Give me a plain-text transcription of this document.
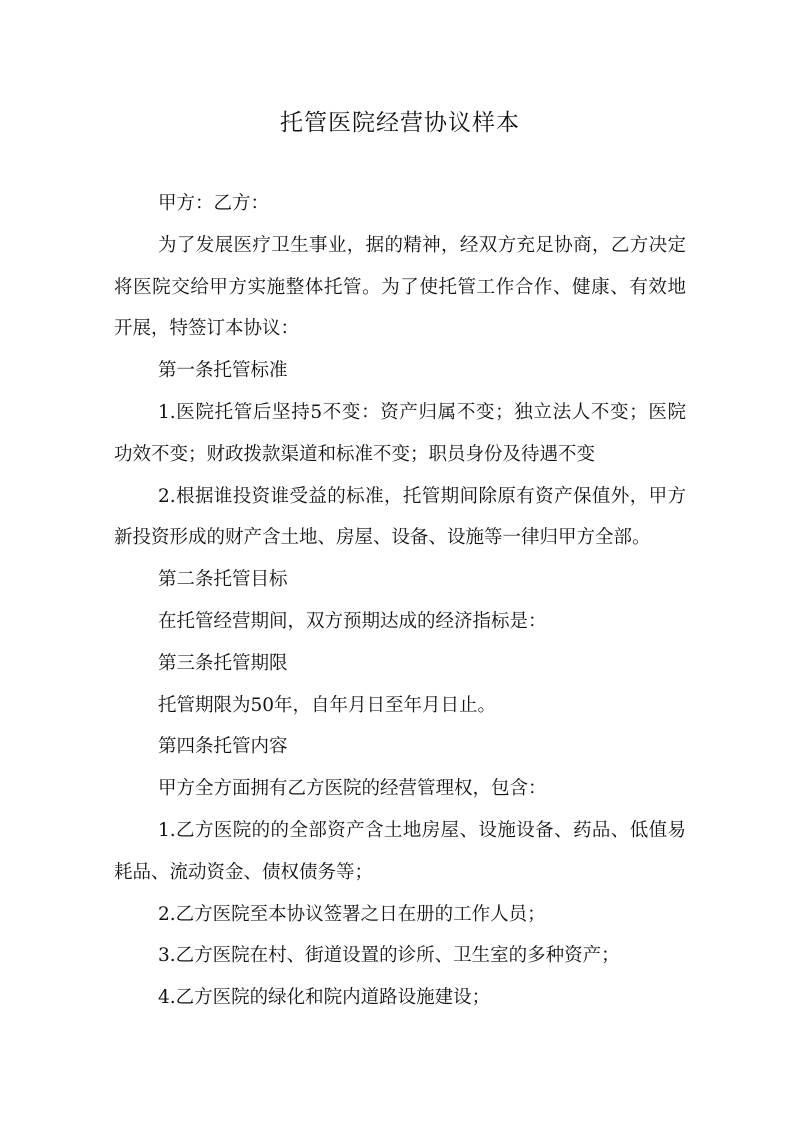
托管医院经营协议样本

甲方：乙方：

为了发展医疗卫生事业，据的精神，经双方充足协商，乙方决定将医院交给甲方实施整体托管。为了使托管工作合作、健康、有效地开展，特签订本协议：

第一条托管标准

1.医院托管后坚持5不变：资产归属不变；独立法人不变；医院功效不变；财政拨款渠道和标准不变；职员身份及待遇不变

2.根据谁投资谁受益的标准，托管期间除原有资产保值外，甲方新投资形成的财产含土地、房屋、设备、设施等一律归甲方全部。

第二条托管目标

在托管经营期间，双方预期达成的经济指标是：

第三条托管期限

托管期限为50年，自年月日至年月日止。

第四条托管内容

甲方全方面拥有乙方医院的经营管理权，包含：

1.乙方医院的的全部资产含土地房屋、设施设备、药品、低值易耗品、流动资金、债权债务等；

2.乙方医院至本协议签署之日在册的工作人员；

3.乙方医院在村、街道设置的诊所、卫生室的多种资产；

4.乙方医院的绿化和院内道路设施建设；
